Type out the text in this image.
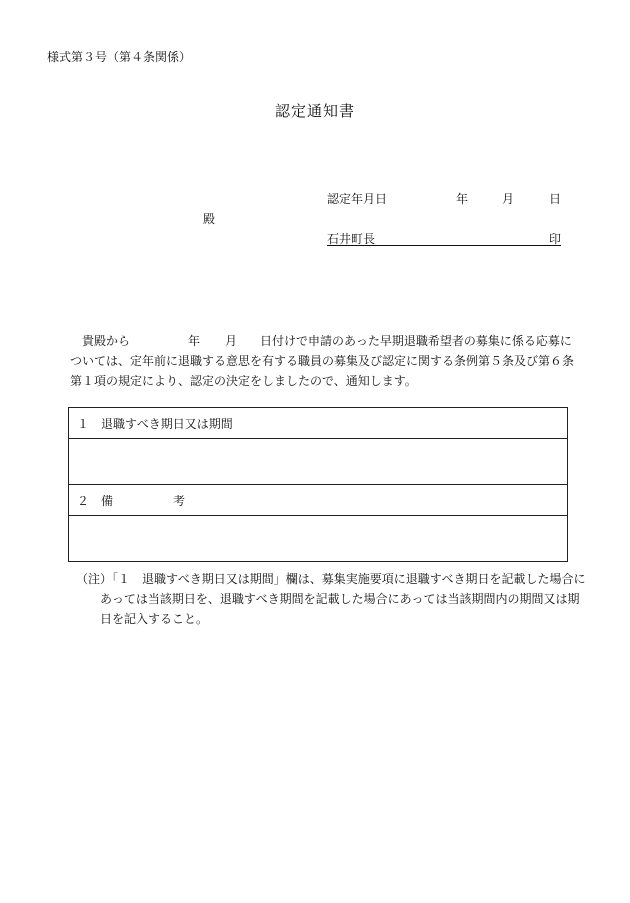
様式第３号（第４条関係）
認定通知書
認定年月日	年	月	日
殿
石井町長	印
貴殿から	年 月 日付けで申請のあった早期退職希望者の募集に係る応募に
ついては、定年前に退職する意思を有する職員の募集及び認定に関する条例第５条及び第６条
第１項の規定により、認定の決定をしましたので、通知します。
１　退職すべき期日又は期間

２　備　　　　　考

（注）「１　退職すべき期日又は期間」欄は、募集実施要項に退職すべき期日を記載した場合に
あっては当該期日を、退職すべき期間を記載した場合にあっては当該期間内の期間又は期
日を記入すること。
